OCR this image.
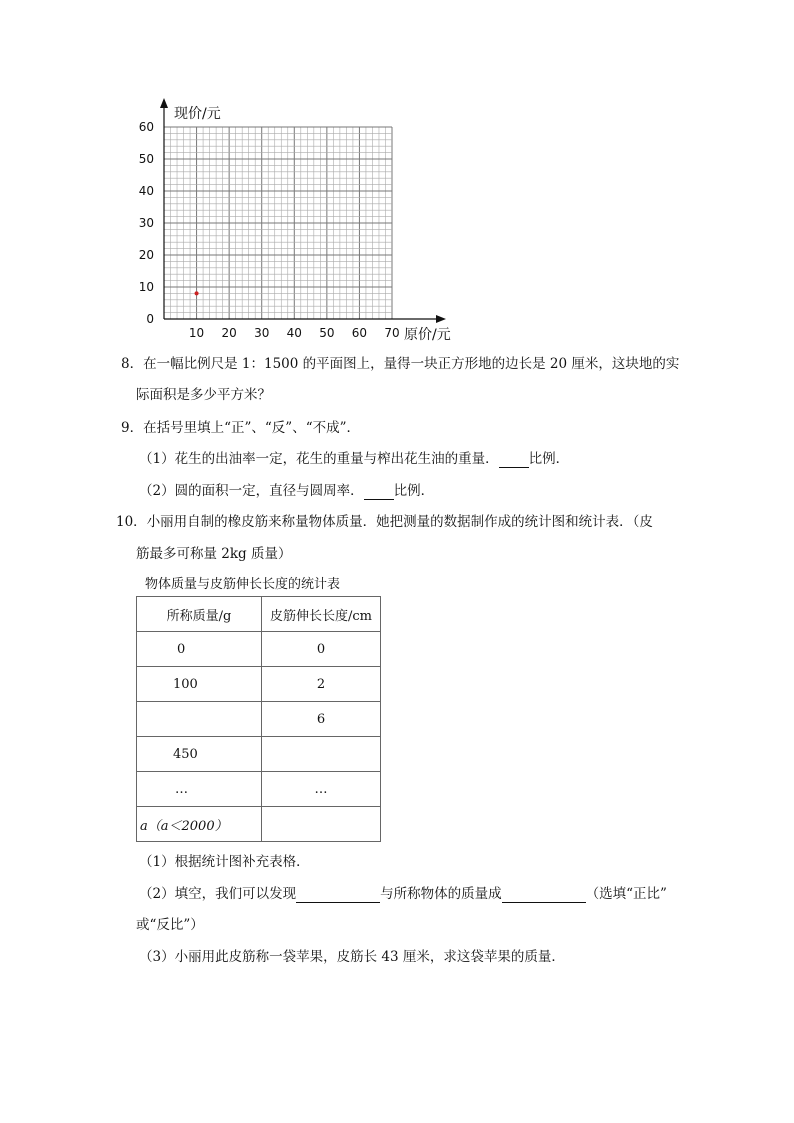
10 20 30 40 50 60 70
0
10
20
30
40
50
60
原价/元
现价/元
8．在一幅比例尺是 1：1500 的平面图上，量得一块正方形地的边长是 20 厘米，这块地的实
际面积是多少平方米？
9．在括号里填上“正”、“反”、“不成”．
（1）花生的出油率一定，花生的重量与榨出花生油的重量． 比例．
（2）圆的面积一定，直径与圆周率． 比例．
10．小丽用自制的橡皮筋来称量物体质量．她把测量的数据制作成的统计图和统计表．（皮
筋最多可称量 2kg 质量）
物体质量与皮筋伸长长度的统计表
所称质量/g	皮筋伸长长度/cm
0	0
100	2
	6
450	
…	…
a（a＜2000）	
（1）根据统计图补充表格．
（2）填空，我们可以发现	与所称物体的质量成	（选填“正比”
或“反比”）
（3）小丽用此皮筋称一袋苹果，皮筋长 43 厘米，求这袋苹果的质量．
